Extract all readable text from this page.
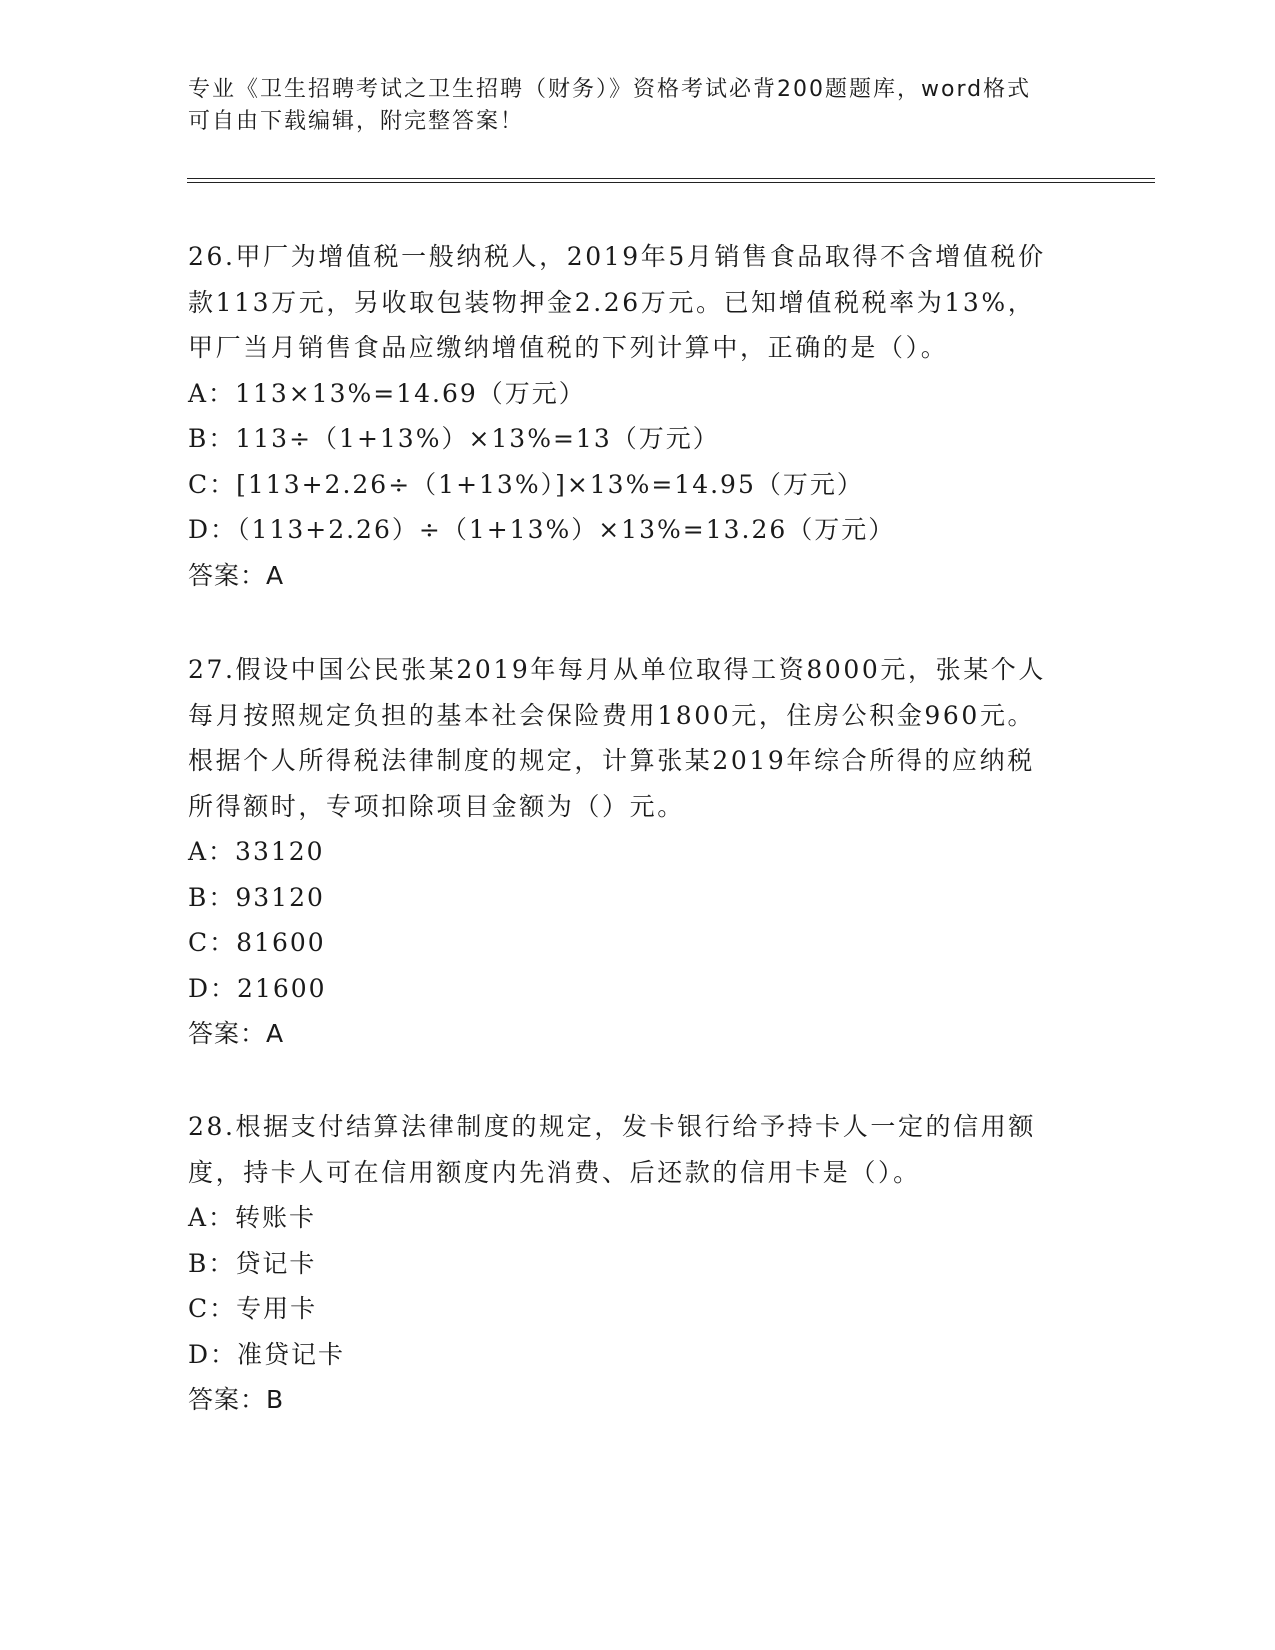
专业《卫生招聘考试之卫生招聘（财务）》资格考试必背200题题库，word格式
可自由下载编辑，附完整答案！

26.甲厂为增值税一般纳税人，2019年5月销售食品取得不含增值税价

款113万元，另收取包装物押金2.26万元。已知增值税税率为13%，

甲厂当月销售食品应缴纳增值税的下列计算中，正确的是（）。

A：113×13%=14.69（万元）

B：113÷（1+13%）×13%=13（万元）

C：[113+2.26÷（1+13%）]×13%=14.95（万元）

D：（113+2.26）÷（1+13%）×13%=13.26（万元）

答案：A

27.假设中国公民张某2019年每月从单位取得工资8000元，张某个人

每月按照规定负担的基本社会保险费用1800元，住房公积金960元。

根据个人所得税法律制度的规定，计算张某2019年综合所得的应纳税

所得额时，专项扣除项目金额为（）元。

A：33120

B：93120

C：81600

D：21600

答案：A

28.根据支付结算法律制度的规定，发卡银行给予持卡人一定的信用额

度，持卡人可在信用额度内先消费、后还款的信用卡是（）。

A：转账卡

B：贷记卡

C：专用卡

D：准贷记卡

答案：B
